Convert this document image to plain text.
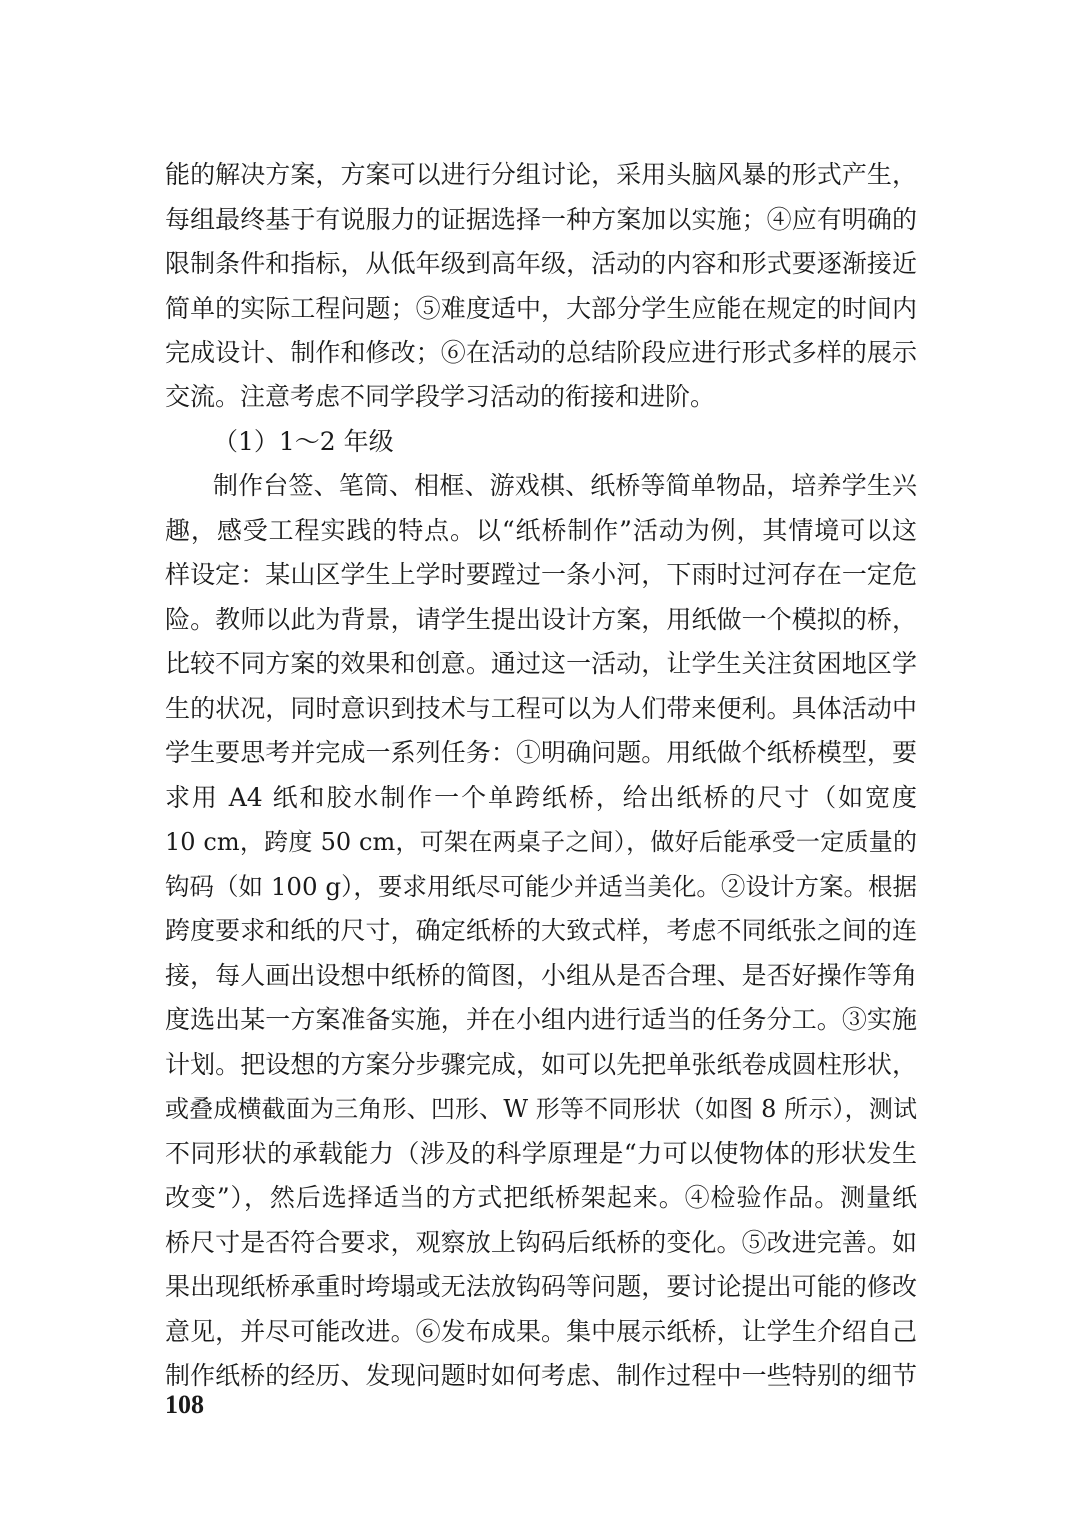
能的解决方案，方案可以进行分组讨论，采用头脑风暴的形式产生，
每组最终基于有说服力的证据选择一种方案加以实施；④应有明确的
限制条件和指标，从低年级到高年级，活动的内容和形式要逐渐接近
简单的实际工程问题；⑤难度适中，大部分学生应能在规定的时间内
完成设计、制作和修改；⑥在活动的总结阶段应进行形式多样的展示
交流。注意考虑不同学段学习活动的衔接和进阶。
（1）1～2 年级
制作台签、笔筒、相框、游戏棋、纸桥等简单物品，培养学生兴
趣，感受工程实践的特点。以“纸桥制作”活动为例，其情境可以这
样设定：某山区学生上学时要蹚过一条小河，下雨时过河存在一定危
险。教师以此为背景，请学生提出设计方案，用纸做一个模拟的桥，
比较不同方案的效果和创意。通过这一活动，让学生关注贫困地区学
生的状况，同时意识到技术与工程可以为人们带来便利。具体活动中
学生要思考并完成一系列任务：①明确问题。用纸做个纸桥模型，要
求用 A4 纸和胶水制作一个单跨纸桥，给出纸桥的尺寸（如宽度
10 cm，跨度 50 cm，可架在两桌子之间），做好后能承受一定质量的
钩码（如 100 g），要求用纸尽可能少并适当美化。②设计方案。根据
跨度要求和纸的尺寸，确定纸桥的大致式样，考虑不同纸张之间的连
接，每人画出设想中纸桥的简图，小组从是否合理、是否好操作等角
度选出某一方案准备实施，并在小组内进行适当的任务分工。③实施
计划。把设想的方案分步骤完成，如可以先把单张纸卷成圆柱形状，
或叠成横截面为三角形、凹形、W 形等不同形状（如图 8 所示），测试
不同形状的承载能力（涉及的科学原理是“力可以使物体的形状发生
改变”），然后选择适当的方式把纸桥架起来。④检验作品。测量纸
桥尺寸是否符合要求，观察放上钩码后纸桥的变化。⑤改进完善。如
果出现纸桥承重时垮塌或无法放钩码等问题，要讨论提出可能的修改
意见，并尽可能改进。⑥发布成果。集中展示纸桥，让学生介绍自己
制作纸桥的经历、发现问题时如何考虑、制作过程中一些特别的细节
108
